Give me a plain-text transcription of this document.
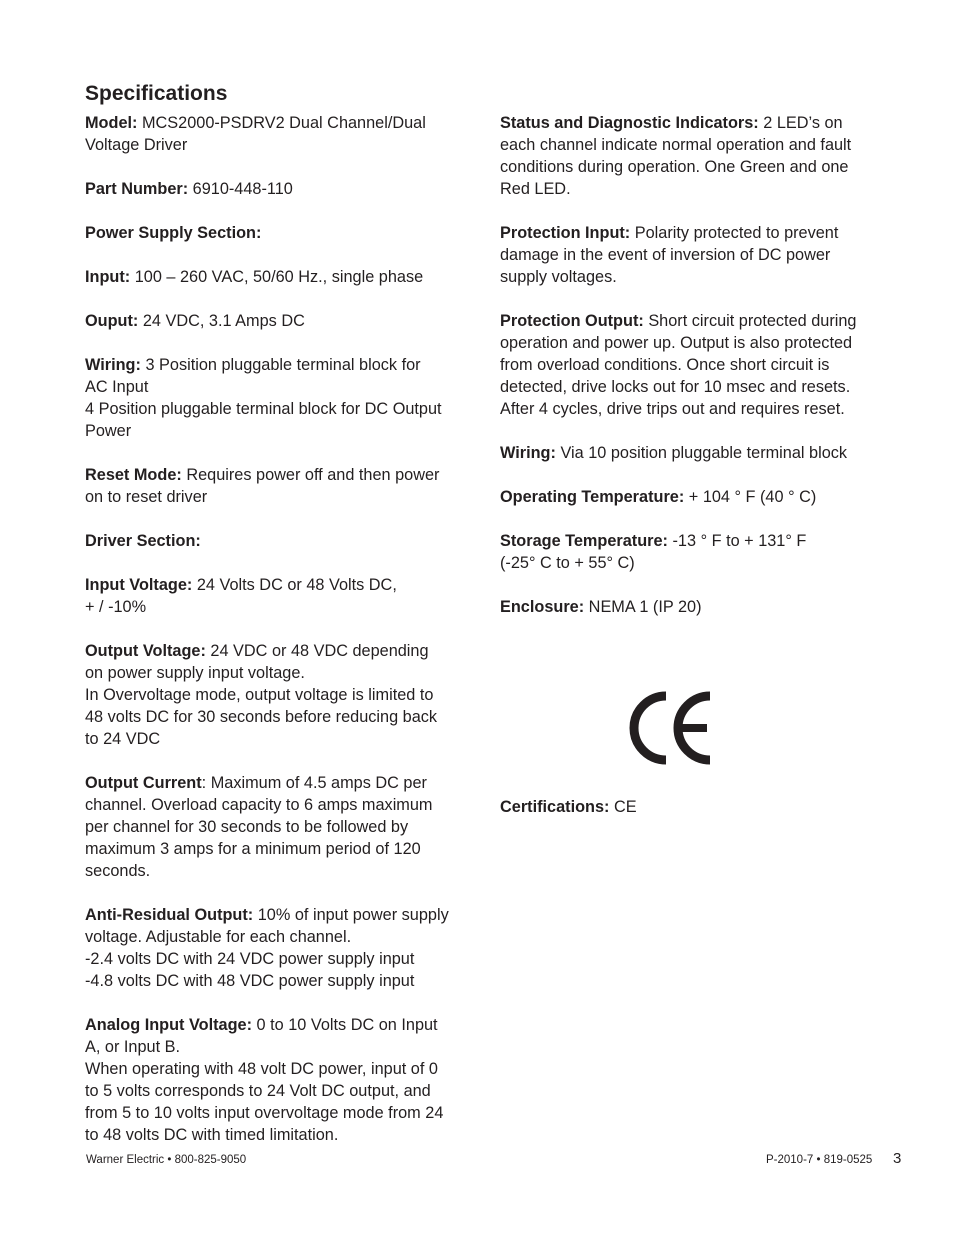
Specifications
Model: MCS2000-PSDRV2 Dual Channel/Dual
Voltage Driver
Part Number: 6910-448-110
Power Supply Section:
Input: 100 – 260 VAC, 50/60 Hz., single phase
Ouput: 24 VDC, 3.1 Amps DC
Wiring: 3 Position pluggable terminal block for
AC Input
4 Position pluggable terminal block for DC Output
Power
Reset Mode: Requires power off and then power
on to reset driver
Driver Section:
Input Voltage: 24 Volts DC or 48 Volts DC,
+ / -10%
Output Voltage: 24 VDC or 48 VDC depending
on power supply input voltage.
In Overvoltage mode, output voltage is limited to
48 volts DC for 30 seconds before reducing back
to 24 VDC
Output Current: Maximum of 4.5 amps DC per
channel. Overload capacity to 6 amps maximum
per channel for 30 seconds to be followed by
maximum 3 amps for a minimum period of 120
seconds.
Anti-Residual Output: 10% of input power supply
voltage. Adjustable for each channel.
-2.4 volts DC with 24 VDC power supply input
-4.8 volts DC with 48 VDC power supply input
Analog Input Voltage: 0 to 10 Volts DC on Input
A, or Input B.
When operating with 48 volt DC power, input of 0
to 5 volts corresponds to 24 Volt DC output, and
from 5 to 10 volts input overvoltage mode from 24
to 48 volts DC with timed limitation.
Status and Diagnostic Indicators: 2 LED’s on
each channel indicate normal operation and fault
conditions during operation. One Green and one
Red LED.
Protection Input: Polarity protected to prevent
damage in the event of inversion of DC power
supply voltages.
Protection Output: Short circuit protected during
operation and power up. Output is also protected
from overload conditions. Once short circuit is
detected, drive locks out for 10 msec and resets.
After 4 cycles, drive trips out and requires reset.
Wiring: Via 10 position pluggable terminal block
Operating Temperature: + 104 ° F (40 ° C)
Storage Temperature: -13 ° F to + 131° F
(-25° C to + 55° C)
Enclosure: NEMA 1 (IP 20)
Certifications: CE
Warner Electric • 800-825-9050	P-2010-7 • 819-0525 3
